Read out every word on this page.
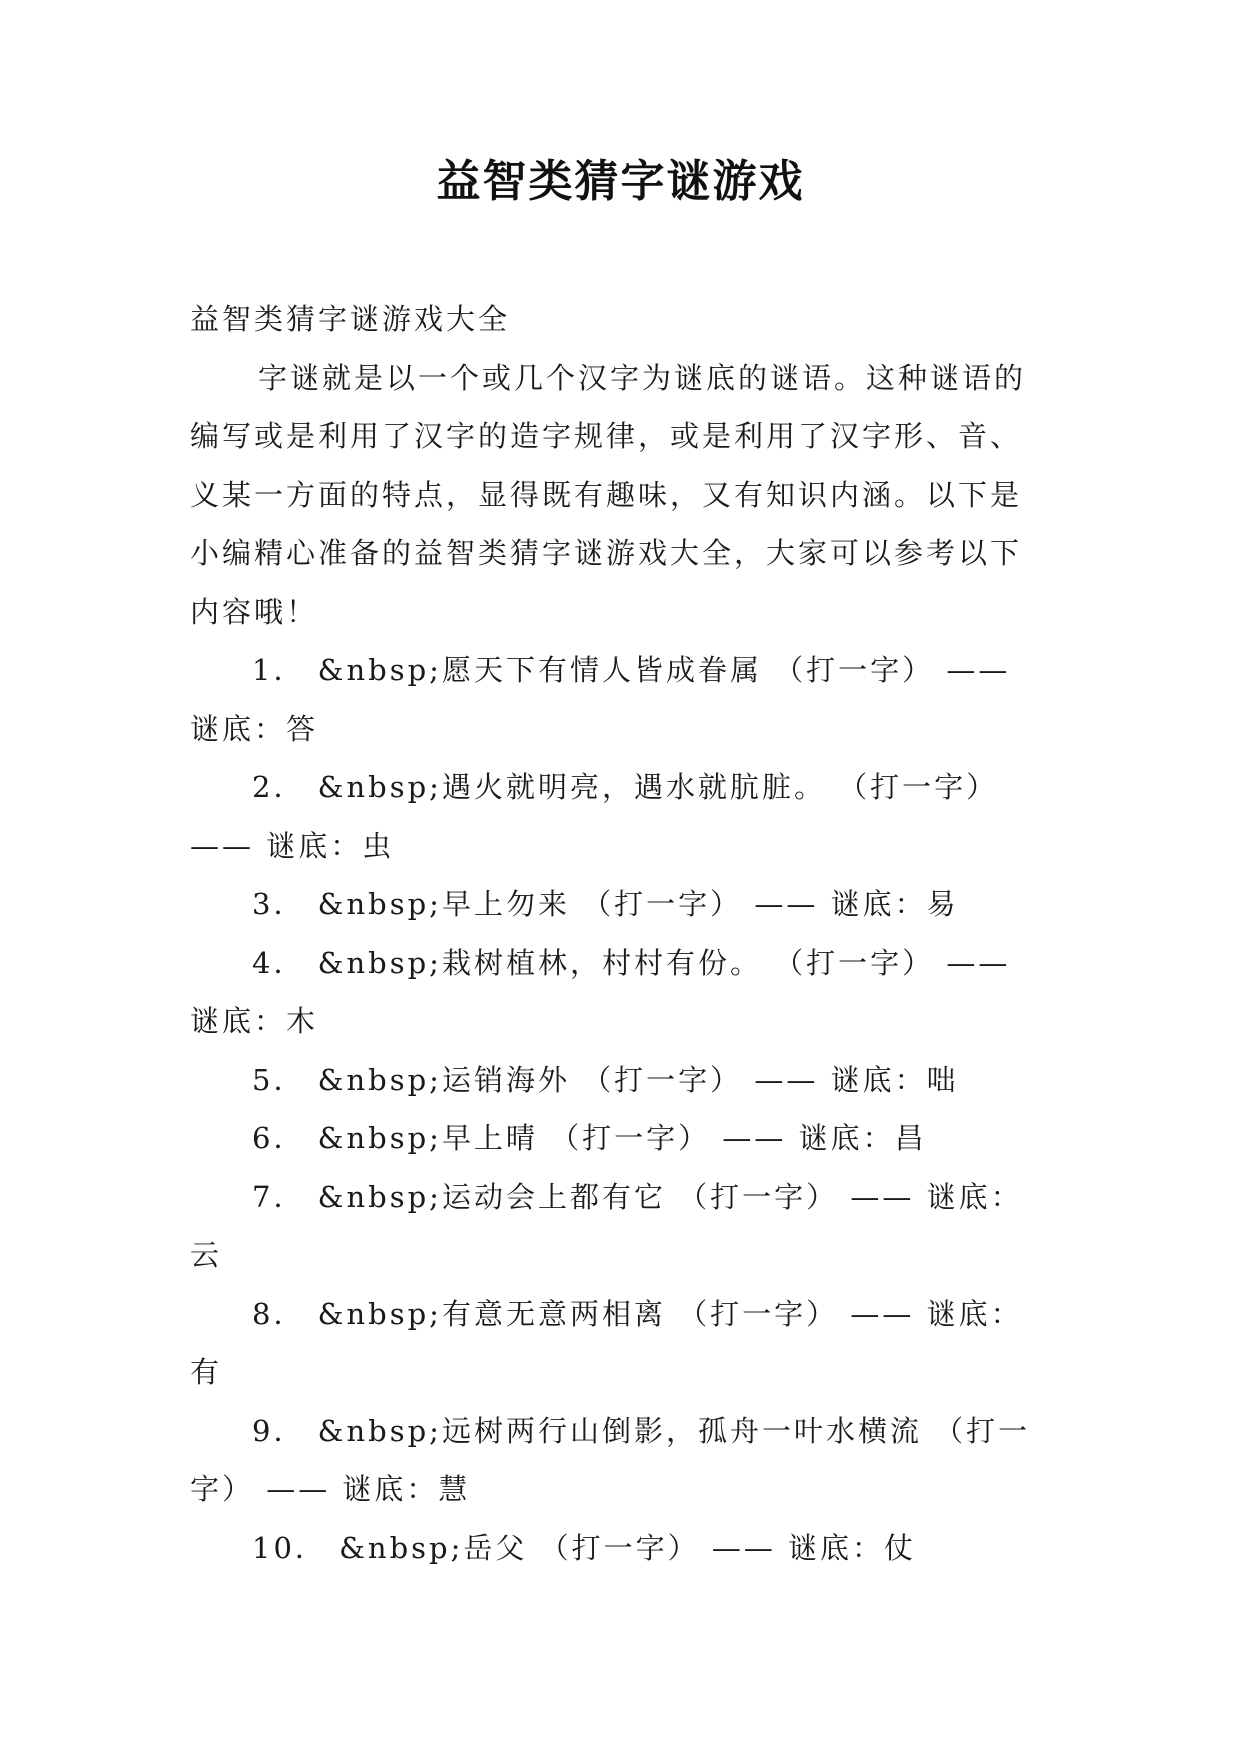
益智类猜字谜游戏
益智类猜字谜游戏大全
字谜就是以一个或几个汉字为谜底的谜语。这种谜语的
编写或是利用了汉字的造字规律，或是利用了汉字形、音、
义某一方面的特点，显得既有趣味，又有知识内涵。以下是
小编精心准备的益智类猜字谜游戏大全，大家可以参考以下
内容哦！
1． &nbsp;愿天下有情人皆成眷属 （打一字） ——
谜底：答
2． &nbsp;遇火就明亮，遇水就肮脏。 （打一字）
—— 谜底：虫
3． &nbsp;早上勿来 （打一字） —— 谜底：易
4． &nbsp;栽树植林，村村有份。 （打一字） ——
谜底：木
5． &nbsp;运销海外 （打一字） —— 谜底：咄
6． &nbsp;早上晴 （打一字） —— 谜底：昌
7． &nbsp;运动会上都有它 （打一字） —— 谜底：
云
8． &nbsp;有意无意两相离 （打一字） —— 谜底：
有
9． &nbsp;远树两行山倒影，孤舟一叶水横流 （打一
字） —— 谜底：慧
10． &nbsp;岳父 （打一字） —— 谜底：仗
